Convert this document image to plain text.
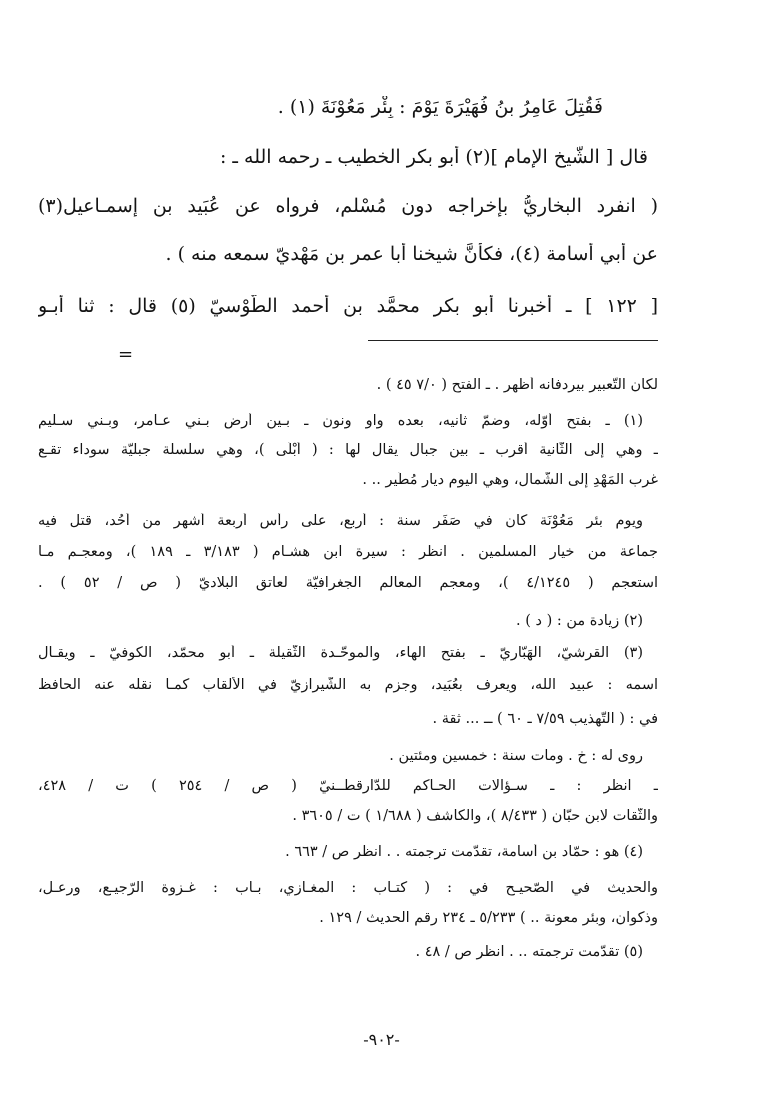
فَقُتِلَ عَامِرُ بنُ فُهَيْرَةَ يَوْمَ : بِئْرِ مَعُوْنَةَ (١) .
قال [ الشَّيخ الإمام ](٢) أبو بكر الخطيب ـ رحمه الله ـ :
( انفرد البخاريُّ بإخراجه دون مُسْلم، فرواه عن عُبَيد بن إسمـاعيل(٣)
عن أبي أُسامة (٤)، فكأَنَّ شيخنا أبا عمر بن مَهْديّ سمعه منه ) .
[ ١٢٢ ] ـ أخبرنا أبو بكر محمَّد بن أحمد الطُّوْسيّ (٥) قال : ثنا أبـو
=
لكان التّعبير بيردفانه أظهر . ـ الفتح ( ٧/٠ ٤٥ ) .
(١) ـ بفتح أوّله، وضمّ ثانيه، بعده واو ونون ـ بـين أرض بـني عـامر، وبـني سـليم
ـ وهي إلى الثّانية أقرب ـ بين جبال يقال لها : ( أُبْلَى )، وهي سلسلة جبليّة سوداء تقـع
غرب المَهْدِ إلى الشّمال، وهي اليوم ديار مُطَير .. .
ويوم بئر مَعُوْنَة كان في صَفَر سنة : أربع، على رأس أربعة أشهر من أُحُد، قتل فيه
جماعة من خيار المسلمين . انظر : سيرة ابن هشـام ( ٣/١٨٣ ـ ١٨٩ )، ومعجـم مـا
استعجم ( ٤/١٢٤٥ )، ومعجم المعالم الجغرافيّة لعاتق البلاديّ ( ص / ٥٢ ) .
(٢) زيادة من : ( د ) .
(٣) القرشيّ، الهَبّاريّ ـ بفتح الهاء، والموحّـدة الثّقيلة ـ أبو محمّد، الكوفيّ ـ ويقـال
اسمه : عبيد الله، ويعرف بعُبَيد، وجزم به الشّيرازيّ في الألقاب كمـا نقله عنه الحافظ
في : ( التّهذيب ٧/٥٩ ـ ٦٠ ) ــ ... ثقة .
روى له : خ . ومات سنة : خمسين ومئتين .
ـ انظر : ـ سـؤالات الحـاكم للدّارقطــنيّ ( ص / ٢٥٤ ) ت / ٤٢٨،
والثّقات لابن حبّان ( ٨/٤٣٣ )، والكاشف ( ١/٦٨٨ ) ت / ٣٦٠٥ .
(٤) هو : حمّاد بن أسامة، تقدّمت ترجمته . . انظر ص / ٦٦٣ .
والحديث في الصّحيـح في : ( كتـاب : المغـازي، بـاب : غـزوة الرّجيـع، ورعـل،
وذكوان، وبئر معونة .. ) ٥/٢٣٣ ـ ٢٣٤ رقم الحديث / ١٢٩ .
(٥) تقدّمت ترجمته .. . انظر ص / ٤٨ .
-٩٠٢-
